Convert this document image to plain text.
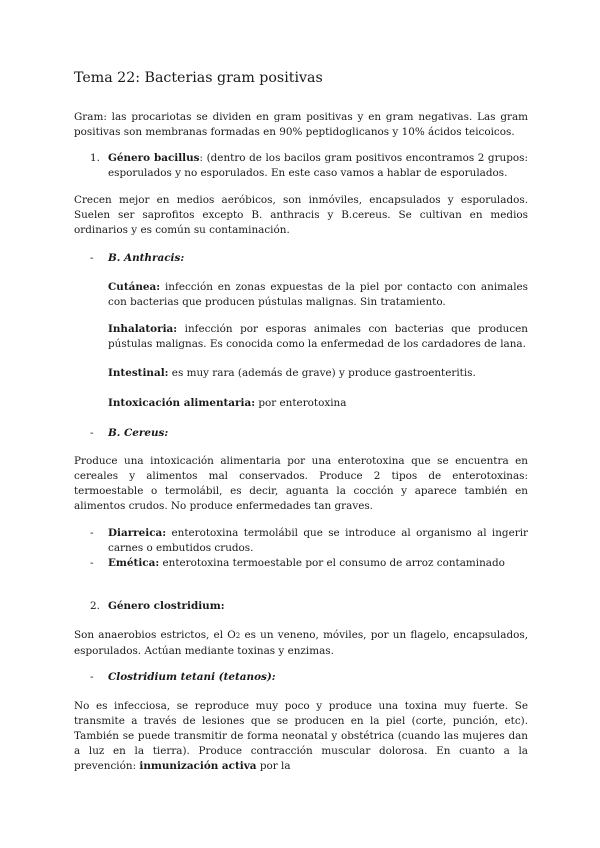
Tema 22: Bacterias gram positivas

Gram: las procariotas se dividen en gram positivas y en gram negativas. Las gram positivas son membranas formadas en 90% peptidoglicanos y 10% ácidos teicoicos.

1. Género bacillus: (dentro de los bacilos gram positivos encontramos 2 grupos: esporulados y no esporulados. En este caso vamos a hablar de esporulados.

Crecen mejor en medios aeróbicos, son inmóviles, encapsulados y esporulados. Suelen ser saprofitos excepto B. anthracis y B.cereus. Se cultivan en medios ordinarios y es común su contaminación.

- B. Anthracis:

Cutánea: infección en zonas expuestas de la piel por contacto con animales con bacterias que producen pústulas malignas. Sin tratamiento.

Inhalatoria: infección por esporas animales con bacterias que producen pústulas malignas. Es conocida como la enfermedad de los cardadores de lana.

Intestinal: es muy rara (además de grave) y produce gastroenteritis.

Intoxicación alimentaria: por enterotoxina

- B. Cereus:

Produce una intoxicación alimentaria por una enterotoxina que se encuentra en cereales y alimentos mal conservados. Produce 2 tipos de enterotoxinas: termoestable o termolábil, es decir, aguanta la cocción y aparece también en alimentos crudos. No produce enfermedades tan graves.

- Diarreica: enterotoxina termolábil que se introduce al organismo al ingerir carnes o embutidos crudos.

- Emética: enterotoxina termoestable por el consumo de arroz contaminado

2. Género clostridium:

Son anaerobios estrictos, el O2 es un veneno, móviles, por un flagelo, encapsulados, esporulados. Actúan mediante toxinas y enzimas.

- Clostridium tetani (tetanos):

No es infecciosa, se reproduce muy poco y produce una toxina muy fuerte. Se transmite a través de lesiones que se producen en la piel (corte, punción, etc). También se puede transmitir de forma neonatal y obstétrica (cuando las mujeres dan a luz en la tierra). Produce contracción muscular dolorosa. En cuanto a la prevención: inmunización activa por la
